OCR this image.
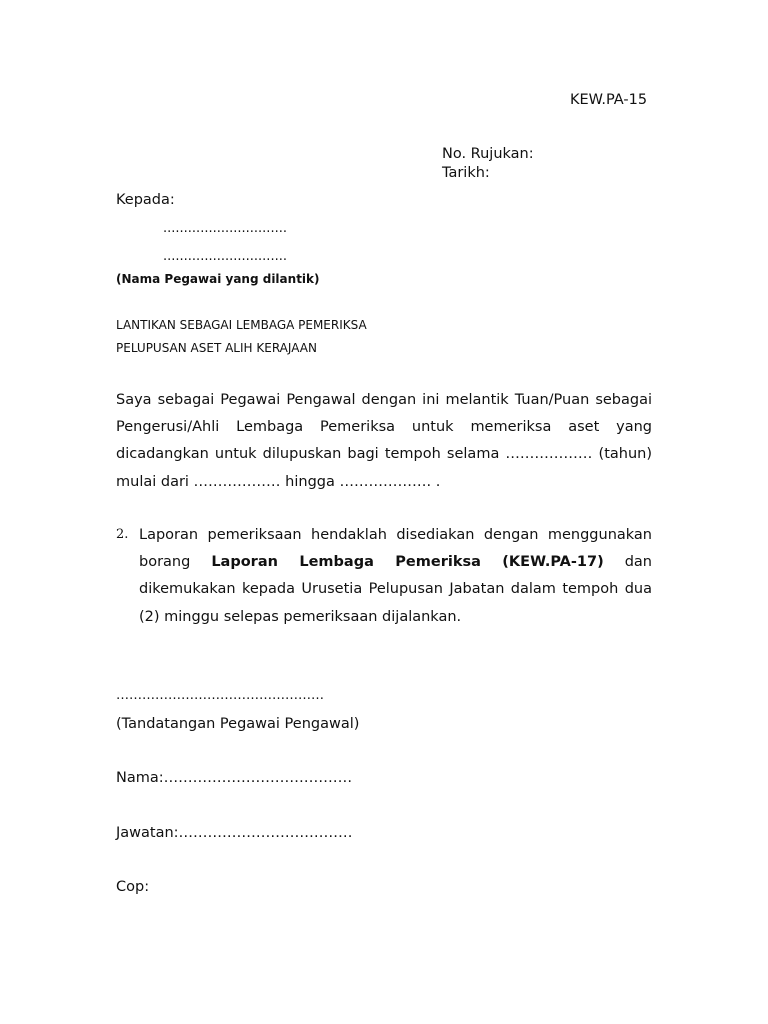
KEW.PA-15
No. Rujukan:
Tarikh:
Kepada:
..............................
..............................
(Nama Pegawai yang dilantik)
LANTIKAN SEBAGAI LEMBAGA PEMERIKSA
PELUPUSAN ASET ALIH KERAJAAN
Saya sebagai Pegawai Pengawal dengan ini melantik Tuan/Puan sebagai Pengerusi/Ahli Lembaga Pemeriksa untuk memeriksa aset yang dicadangkan untuk dilupuskan bagi tempoh selama ……………… (tahun) mulai dari ……………… hingga ………………. .
2. Laporan pemeriksaan hendaklah disediakan dengan menggunakan borang Laporan Lembaga Pemeriksa (KEW.PA-17) dan dikemukakan kepada Urusetia Pelupusan Jabatan dalam tempoh dua (2) minggu selepas pemeriksaan dijalankan.
…………………………………………
(Tandatangan Pegawai Pengawal)
Nama:…………………………………
Jawatan:………………………………
Cop:
